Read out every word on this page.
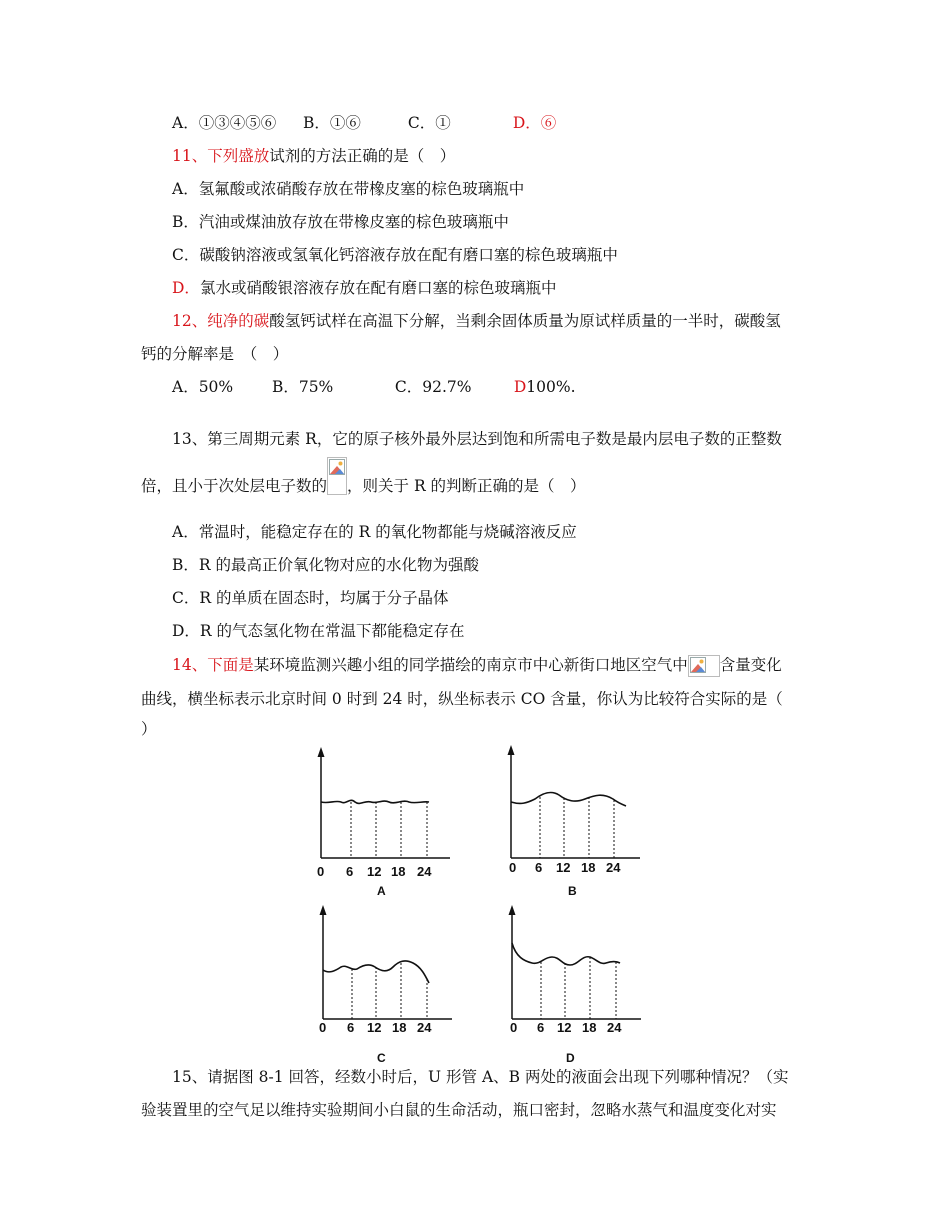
A．①③④⑤⑥ B．①⑥	C．①	D．⑥
11、下列盛放试剂的方法正确的是（　）
A．氢氟酸或浓硝酸存放在带橡皮塞的棕色玻璃瓶中
B．汽油或煤油放存放在带橡皮塞的棕色玻璃瓶中
C．碳酸钠溶液或氢氧化钙溶液存放在配有磨口塞的棕色玻璃瓶中
D．氯水或硝酸银溶液存放在配有磨口塞的棕色玻璃瓶中
12、纯净的碳酸氢钙试样在高温下分解，当剩余固体质量为原试样质量的一半时，碳酸氢
钙的分解率是　（　）
A．50%	B．75%	C．92.7%	D100%.
13、第三周期元素 R，它的原子核外最外层达到饱和所需电子数是最内层电子数的正整数
倍，且小于次处层电子数的 ，则关于 R 的判断正确的是（　）
A．常温时，能稳定存在的 R 的氧化物都能与烧碱溶液反应
B．R 的最高正价氧化物对应的水化物为强酸
C．R 的单质在固态时，均属于分子晶体
D．R 的气态氢化物在常温下都能稳定存在
14、下面是某环境监测兴趣小组的同学描绘的南京市中心新街口地区空气中 含量变化
曲线，横坐标表示北京时间 0 时到 24 时，纵坐标表示 CO 含量，你认为比较符合实际的是（
）
0 6 12 18 24
A
0 6 12 18 24
B
0 6 12 18 24
C
0 6 12 18 24
D
15、请据图 8-1 回答，经数小时后，U 形管 A、B 两处的液面会出现下列哪种情况？（实
验装置里的空气足以维持实验期间小白鼠的生命活动，瓶口密封，忽略水蒸气和温度变化对实
